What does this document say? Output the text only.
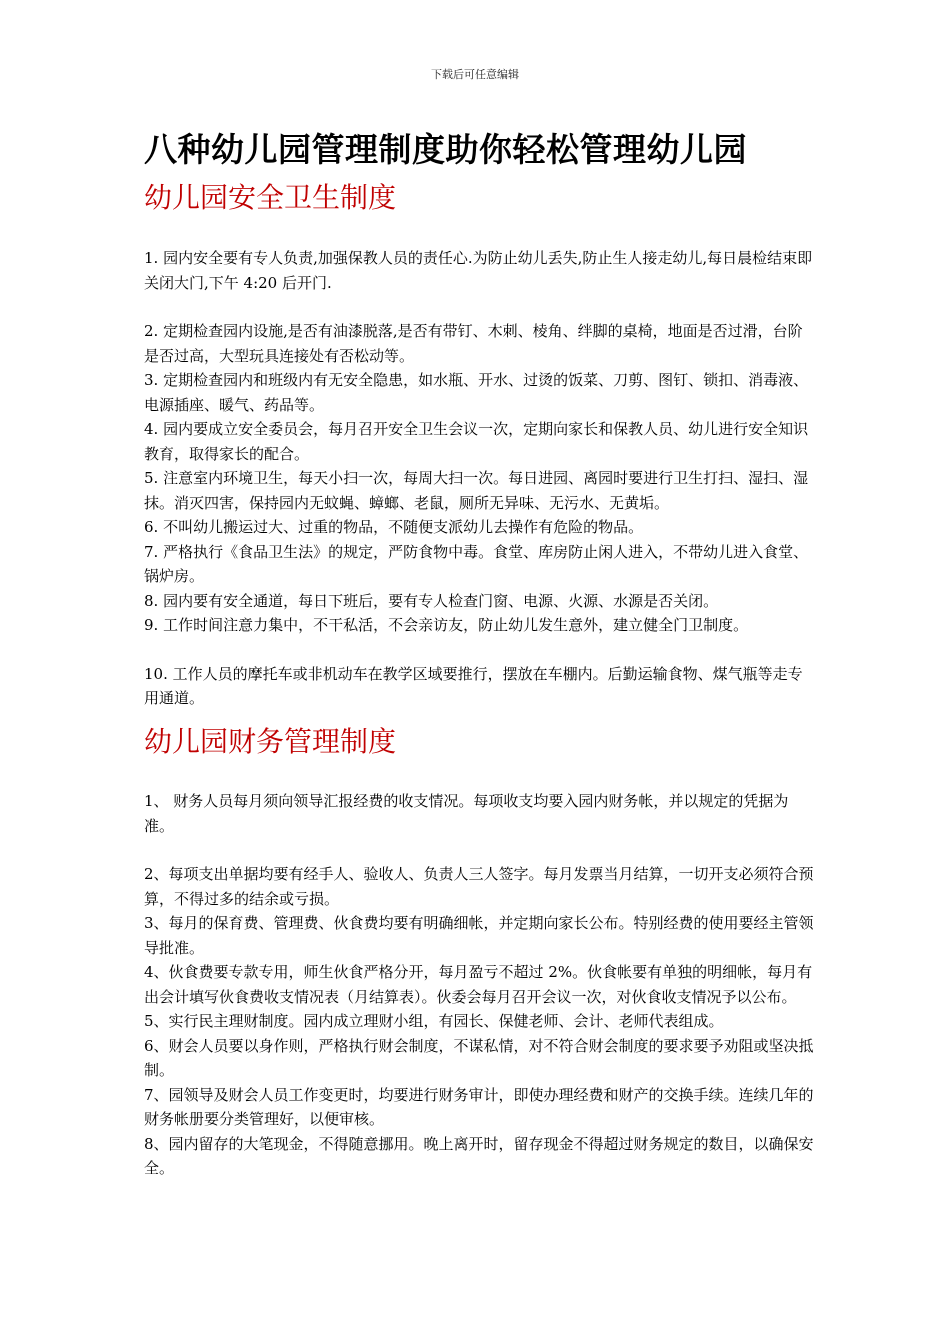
下载后可任意编辑
八种幼儿园管理制度助你轻松管理幼儿园
幼儿园安全卫生制度

1. 园内安全要有专人负责,加强保教人员的责任心.为防止幼儿丢失,防止生人接走幼儿,每日晨检结束即关闭大门,下午 4:20 后开门.

2. 定期检查园内设施,是否有油漆脱落,是否有带钉、木刺、棱角、绊脚的桌椅，地面是否过滑，台阶是否过高，大型玩具连接处有否松动等。

3. 定期检查园内和班级内有无安全隐患，如水瓶、开水、过烫的饭菜、刀剪、图钉、锁扣、消毒液、电源插座、暖气、药品等。

4. 园内要成立安全委员会，每月召开安全卫生会议一次，定期向家长和保教人员、幼儿进行安全知识教育，取得家长的配合。

5. 注意室内环境卫生，每天小扫一次，每周大扫一次。每日进园、离园时要进行卫生打扫、湿扫、湿抹。消灭四害，保持园内无蚊蝇、蟑螂、老鼠，厕所无异味、无污水、无黄垢。

6. 不叫幼儿搬运过大、过重的物品，不随便支派幼儿去操作有危险的物品。

7. 严格执行《食品卫生法》的规定，严防食物中毒。食堂、库房防止闲人进入，不带幼儿进入食堂、锅炉房。

8. 园内要有安全通道，每日下班后，要有专人检查门窗、电源、火源、水源是否关闭。

9. 工作时间注意力集中，不干私活，不会亲访友，防止幼儿发生意外，建立健全门卫制度。

10. 工作人员的摩托车或非机动车在教学区域要推行，摆放在车棚内。后勤运输食物、煤气瓶等走专用通道。

幼儿园财务管理制度

1、 财务人员每月须向领导汇报经费的收支情况。每项收支均要入园内财务帐，并以规定的凭据为准。

2、每项支出单据均要有经手人、验收人、负责人三人签字。每月发票当月结算，一切开支必须符合预算，不得过多的结余或亏损。

3、每月的保育费、管理费、伙食费均要有明确细帐，并定期向家长公布。特别经费的使用要经主管领导批准。

4、伙食费要专款专用，师生伙食严格分开，每月盈亏不超过 2%。伙食帐要有单独的明细帐，每月有出会计填写伙食费收支情况表（月结算表）。伙委会每月召开会议一次，对伙食收支情况予以公布。

5、实行民主理财制度。园内成立理财小组，有园长、保健老师、会计、老师代表组成。

6、财会人员要以身作则，严格执行财会制度，不谋私情，对不符合财会制度的要求要予劝阻或坚决抵制。

7、园领导及财会人员工作变更时，均要进行财务审计，即使办理经费和财产的交换手续。连续几年的财务帐册要分类管理好，以便审核。

8、园内留存的大笔现金，不得随意挪用。晚上离开时，留存现金不得超过财务规定的数目，以确保安全。
